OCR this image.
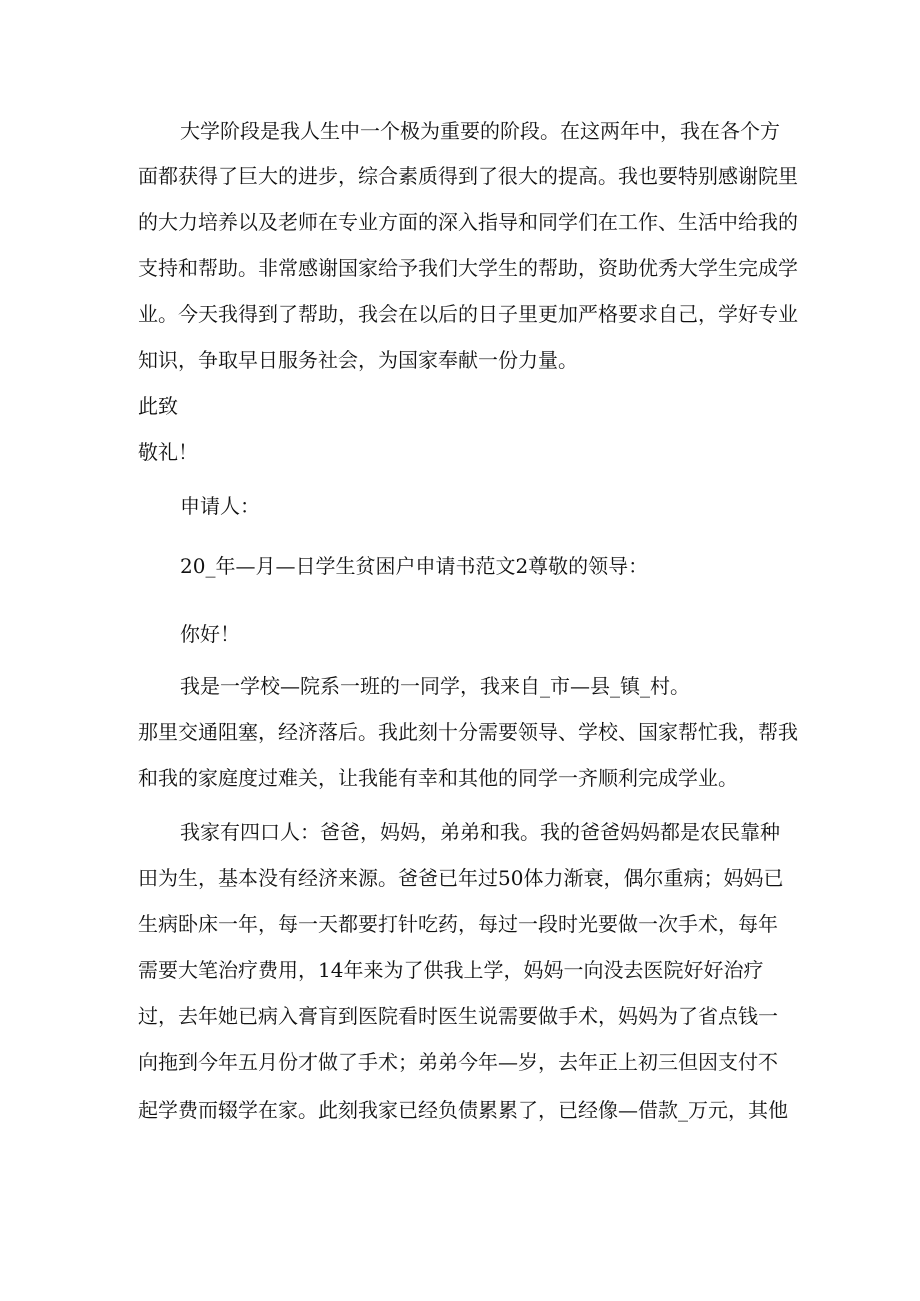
大学阶段是我人生中一个极为重要的阶段。在这两年中，我在各个方
面都获得了巨大的进步，综合素质得到了很大的提高。我也要特别感谢院里
的大力培养以及老师在专业方面的深入指导和同学们在工作、生活中给我的
支持和帮助。非常感谢国家给予我们大学生的帮助，资助优秀大学生完成学
业。今天我得到了帮助，我会在以后的日子里更加严格要求自己，学好专业
知识，争取早日服务社会，为国家奉献一份力量。
此致
敬礼！
申请人：
20_年—月—日学生贫困户申请书范文2尊敬的领导：
你好！
我是一学校—院系一班的一同学，我来自_市—县_镇_村。
那里交通阻塞，经济落后。我此刻十分需要领导、学校、国家帮忙我，帮我
和我的家庭度过难关，让我能有幸和其他的同学一齐顺利完成学业。
我家有四口人：爸爸，妈妈，弟弟和我。我的爸爸妈妈都是农民靠种
田为生，基本没有经济来源。爸爸已年过50体力渐衰，偶尔重病；妈妈已
生病卧床一年，每一天都要打针吃药，每过一段时光要做一次手术，每年
需要大笔治疗费用，14年来为了供我上学，妈妈一向没去医院好好治疗
过，去年她已病入膏肓到医院看时医生说需要做手术，妈妈为了省点钱一
向拖到今年五月份才做了手术；弟弟今年—岁，去年正上初三但因支付不
起学费而辍学在家。此刻我家已经负债累累了，已经像—借款_万元，其他
